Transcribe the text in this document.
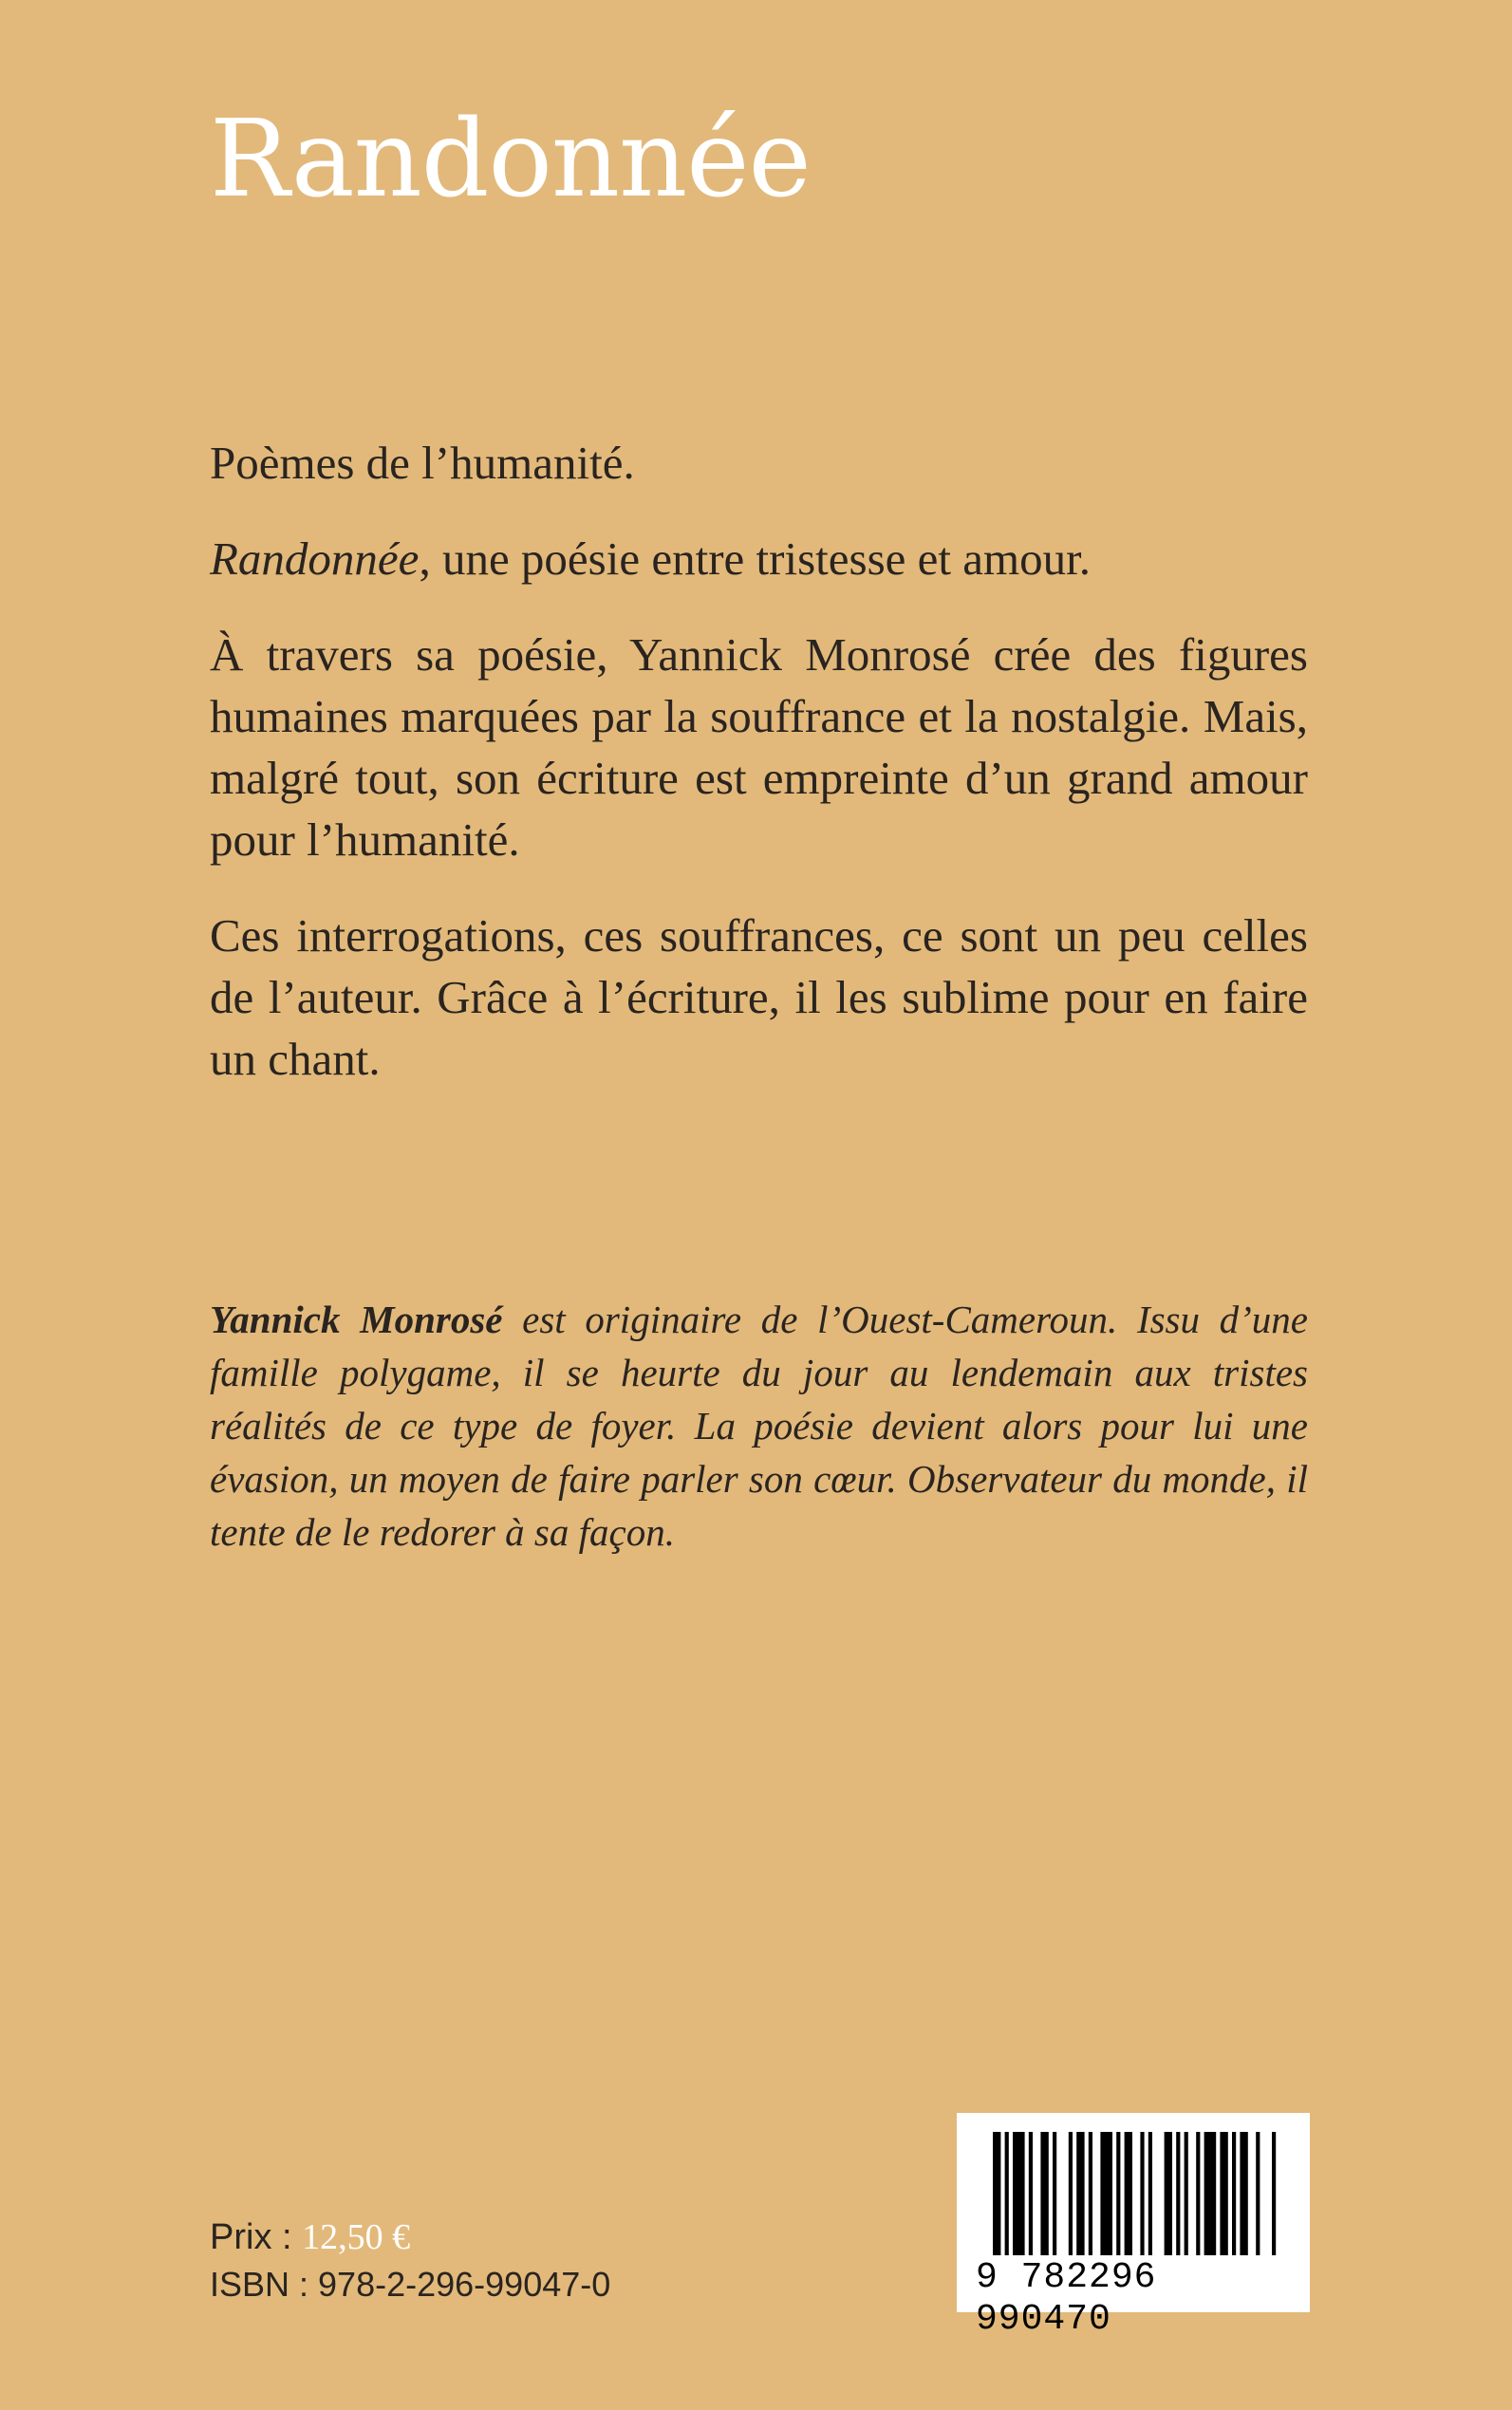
Randonnée

Poèmes de l’humanité.

Randonnée, une poésie entre tristesse et amour.

À travers sa poésie, Yannick Monrosé crée des figures humaines marquées par la souffrance et la nostalgie. Mais, malgré tout, son écriture est empreinte d’un grand amour pour l’humanité.

Ces interrogations, ces souffrances, ce sont un peu celles de l’auteur. Grâce à l’écriture, il les sublime pour en faire un chant.

Yannick Monrosé est originaire de l’Ouest-Cameroun. Issu d’une famille polygame, il se heurte du jour au lendemain aux tristes réalités de ce type de foyer. La poésie devient alors pour lui une évasion, un moyen de faire parler son cœur. Observateur du monde, il tente de le redorer à sa façon.
Prix : 12,50 €
ISBN : 978-2-296-99047-0	9 782296 990470
